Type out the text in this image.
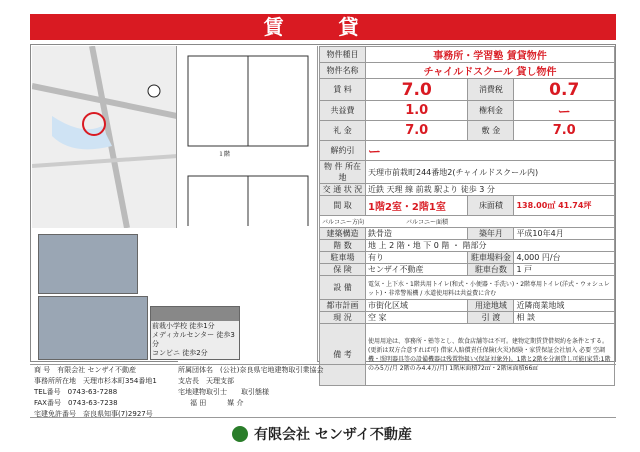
賃 貸
１階
前栽小学校 徒歩1分
メディカルセンター 徒歩3分
コンビニ 徒歩2分
物件種目	事務所・学習塾 賃貸物件		
物件名称	チャイルドスクール 貸し物件		
賃 料	7.0	消費税	0.7
共益費	1.0	権利金	ー
礼 金	7.0	敷 金	7.0
解約引	ー		
物 件 所在地	天理市前栽町244番地2(チャイルドスクール内)		
交 通 状 況	近鉄 天理 線 前栽 駅より 徒歩 3 分		
間 取	1階2室・2階1室	床面積	138.00㎡ 41.74坪
バルコニー方向　　　　　　　バルコニー面積			
建築構造	鉄骨造	築年月	平成10年4月
階 数	地 上 2 階・地 下 0 階 ・ 階部分		
駐車場	有り	駐車場料金	4,000 円/台
保 険	センザイ不動産	駐車台数	1 戸
設 備	電気・上下水・1階共用トイレ(和式・小便器・手洗い)・2階専用トイレ(洋式・ウォシュレット)・非常警報機 / 水道使用料は共益費に含む		
都市計画	市街化区域	用途地域	近隣商業地域
現 況	空 家	引 渡	相 談
備 考	使用用途は、事務所・塾等とし、飲食店舗等は不可。建物定期賃貸借契約を条件とする。(更新は双方合意すれば可) 借家人賠償責任保険(火災)保険・家賃保証会社加入 必要 空調機・照明器具等の設備機器は残置物扱い(保証対象外)。1階と2階を分割貸し可能(家賃:1階のみ5万/月 2階のみ4.4万/月) 1階床面積72㎡・2階床面積66㎡		
商 号　 有限会社 センザイ不動産
事務所所在地　 天理市杉本町354番地1
TEL番号　 0743-63-7288
FAX番号　 0743-63-7238
宅建免許番号　 奈良県知事(7)2927号
所属団体名　 (公社)奈良県宅地建物取引業協会
支店長　 天理支部
宅地建物取引士　　 取引態様
福 田　　　	媒 介
有限会社 センザイ不動産
